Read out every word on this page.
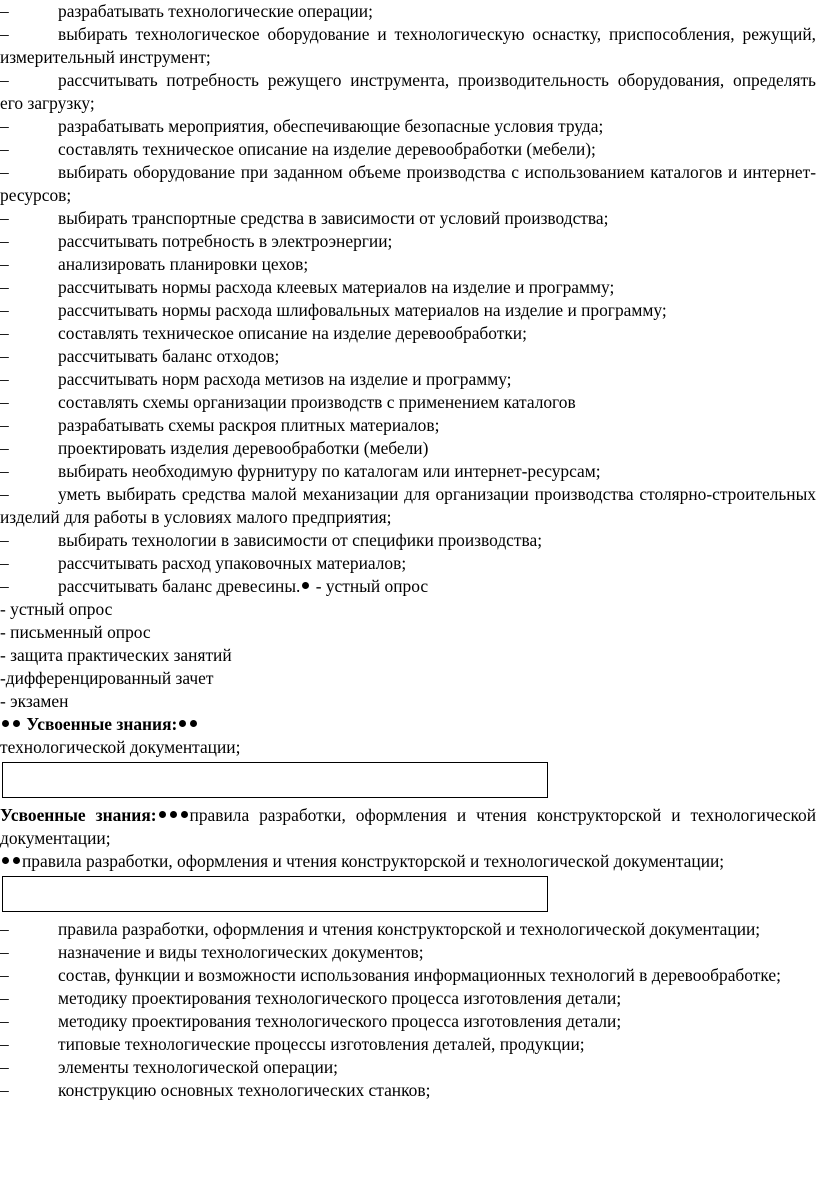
–	разрабатывать технологические операции;

–	выбирать технологическое оборудование и технологическую оснастку, приспособления, режущий, измерительный инструмент;

–	рассчитывать потребность режущего инструмента, производительность оборудования, определять его загрузку;

–	разрабатывать мероприятия, обеспечивающие безопасные условия труда;

–	составлять техническое описание на изделие деревообработки (мебели);

–	выбирать оборудование при заданном объеме производства с использованием каталогов и интернет-ресурсов;

–	выбирать транспортные средства в зависимости от условий производства;

–	рассчитывать потребность в электроэнергии;

–	анализировать планировки цехов;

–	рассчитывать нормы расхода клеевых материалов на изделие и программу;

–	рассчитывать нормы расхода шлифовальных материалов на изделие и программу;

–	составлять техническое описание на изделие деревообработки;

–	рассчитывать баланс отходов;

–	рассчитывать норм расхода метизов на изделие и программу;

–	составлять схемы организации производств с применением каталогов

–	разрабатывать схемы раскроя плитных материалов;

–	проектировать изделия деревообработки (мебели)

–	выбирать необходимую фурнитуру по каталогам или интернет-ресурсам;

–	уметь выбирать средства малой механизации для организации производства столярно-строительных изделий для работы в условиях малого предприятия;

–	выбирать технологии в зависимости от специфики производства;

–	рассчитывать расход упаковочных материалов;

–	рассчитывать баланс древесины. - устный опрос

- устный опрос

- письменный опрос

- защита практических занятий

-дифференцированный зачет

- экзамен

Усвоенные знания:

технологической документации;

Усвоенные знания: правила разработки, оформления и чтения конструкторской и технологической документации;

правила разработки, оформления и чтения конструкторской и технологической документации;

–	правила разработки, оформления и чтения конструкторской и технологической документации;

–	назначение и виды технологических документов;

–	состав, функции и возможности использования информационных технологий в деревообработке;

–	методику проектирования технологического процесса изготовления детали;

–	методику проектирования технологического процесса изготовления детали;

–	типовые технологические процессы изготовления деталей, продукции;

–	элементы технологической операции;

–	конструкцию основных технологических станков;
